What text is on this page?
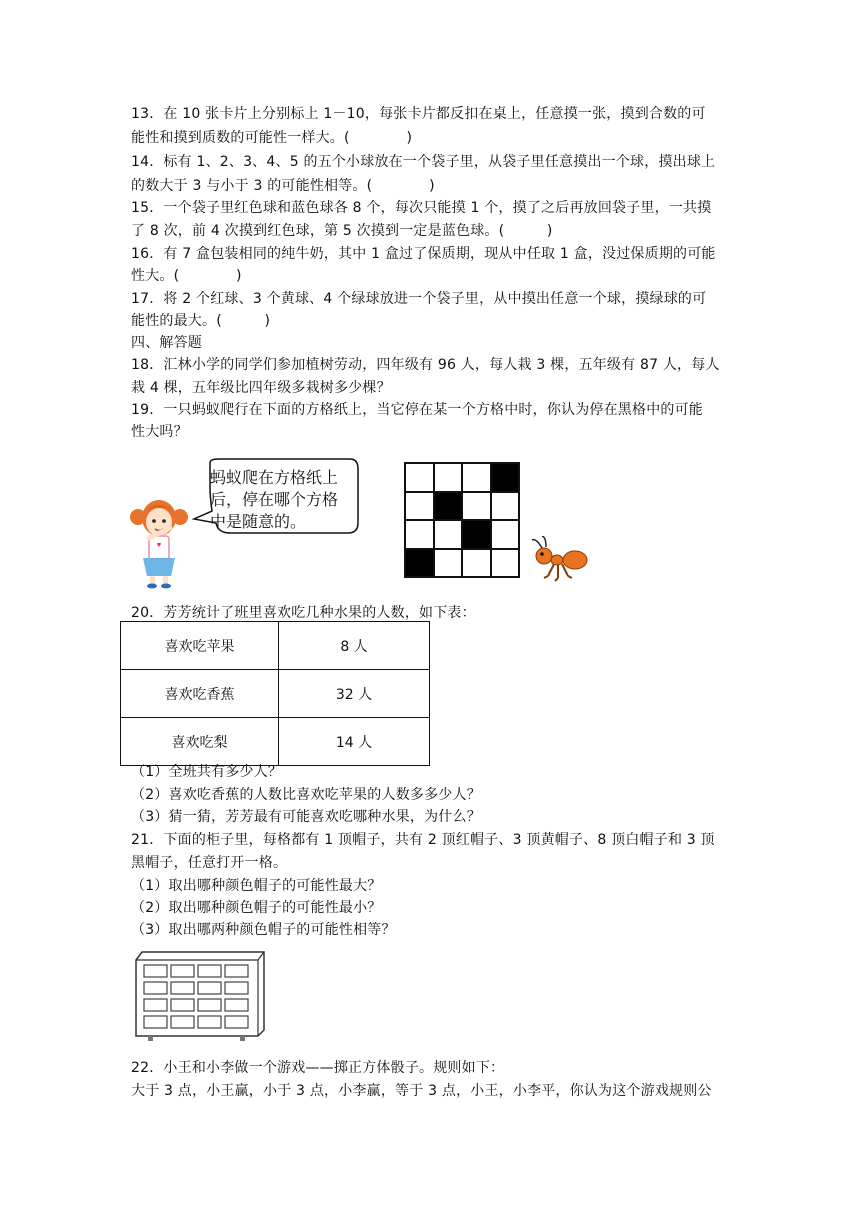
13．在 10 张卡片上分别标上 1－10，每张卡片都反扣在桌上，任意摸一张，摸到合数的可
能性和摸到质数的可能性一样大。(　　　　)
14．标有 1、2、3、4、5 的五个小球放在一个袋子里，从袋子里任意摸出一个球，摸出球上
的数大于 3 与小于 3 的可能性相等。(　　　　)
15．一个袋子里红色球和蓝色球各 8 个，每次只能摸 1 个，摸了之后再放回袋子里，一共摸
了 8 次，前 4 次摸到红色球，第 5 次摸到一定是蓝色球。(　　　)
16．有 7 盒包装相同的纯牛奶，其中 1 盒过了保质期，现从中任取 1 盒，没过保质期的可能
性大。(　　　　)
17．将 2 个红球、3 个黄球、4 个绿球放进一个袋子里，从中摸出任意一个球，摸绿球的可
能性的最大。(　　　)
四、解答题
18．汇林小学的同学们参加植树劳动，四年级有 96 人，每人栽 3 棵，五年级有 87 人，每人
栽 4 棵，五年级比四年级多栽树多少棵？
19．一只蚂蚁爬行在下面的方格纸上，当它停在某一个方格中时，你认为停在黑格中的可能
性大吗？
蚂蚁爬在方格纸上
后，停在哪个方格
中是随意的。
20．芳芳统计了班里喜欢吃几种水果的人数，如下表：
喜欢吃苹果	8 人
喜欢吃香蕉	32 人
喜欢吃梨	14 人
（1）全班共有多少人？
（2）喜欢吃香蕉的人数比喜欢吃苹果的人数多多少人？
（3）猜一猜，芳芳最有可能喜欢吃哪种水果，为什么？
21．下面的柜子里，每格都有 1 顶帽子，共有 2 顶红帽子、3 顶黄帽子、8 顶白帽子和 3 顶
黑帽子，任意打开一格。
（1）取出哪种颜色帽子的可能性最大？
（2）取出哪种颜色帽子的可能性最小？
（3）取出哪两种颜色帽子的可能性相等？
22．小王和小李做一个游戏——掷正方体骰子。规则如下：
大于 3 点，小王赢，小于 3 点，小李赢，等于 3 点，小王，小李平，你认为这个游戏规则公
